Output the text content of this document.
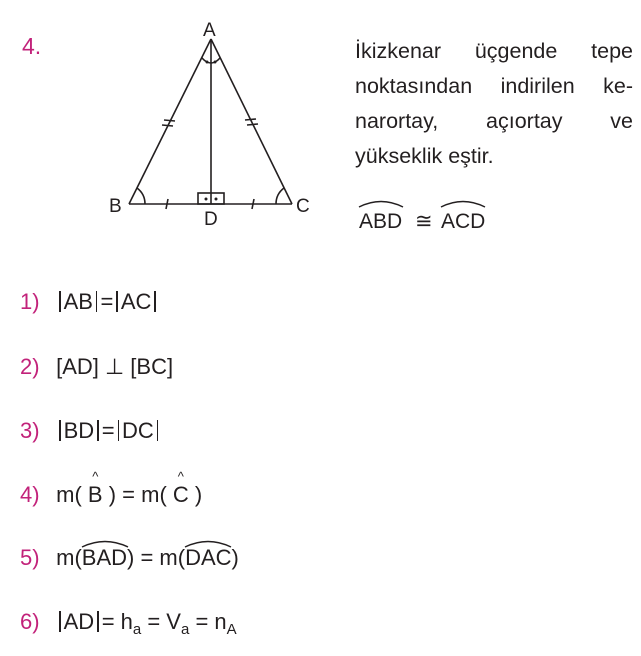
4.
A
B	C
D
İkizkenar üçgende tepe
noktasından indirilen ke-
narortay, açıortay ve
yükseklik eştir.
ABD ≅ ACD
1) AB = AC
2) [AD] ⊥ [BC]
3) BD = DC
4) m(
^
B ) = m(
^
C )
5) m(
BAD) = m(
DAC)
6) AD = $h_a = V_a = n_A$
